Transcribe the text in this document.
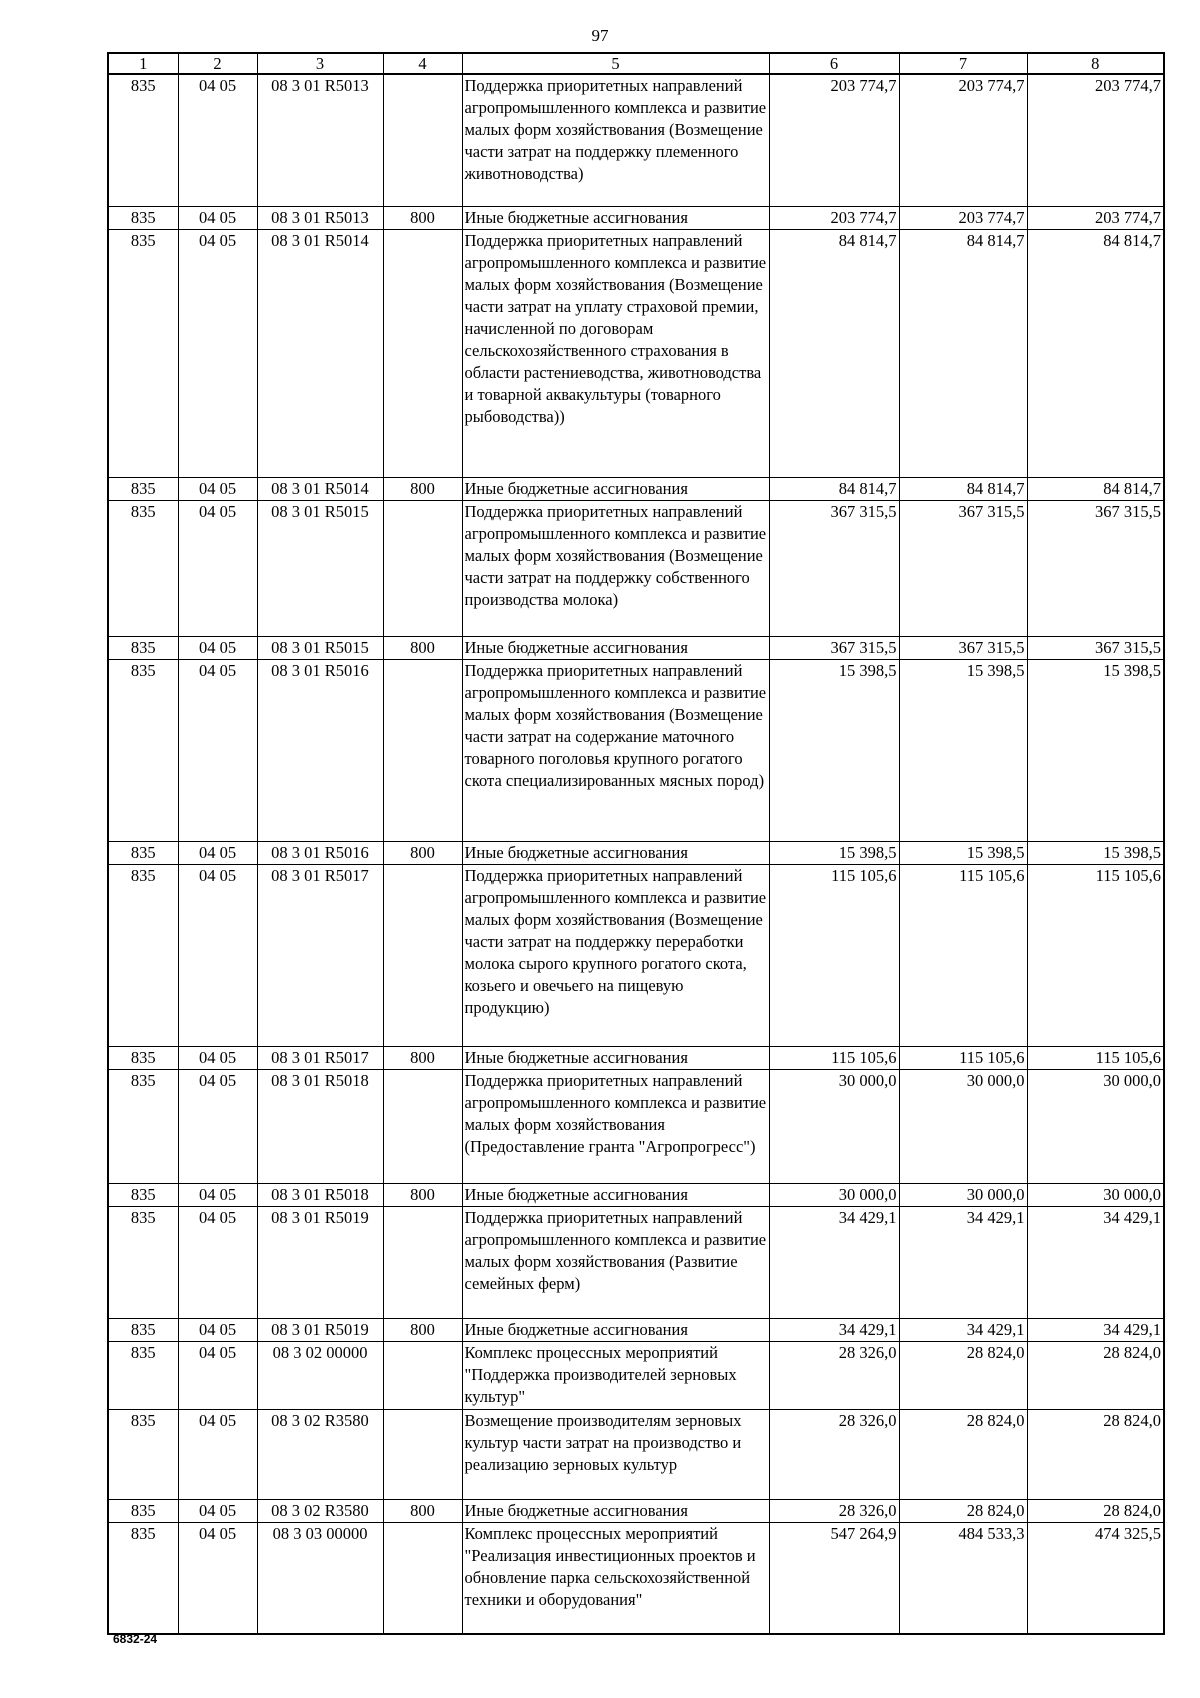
97
1	2	3	4	5	6	7	8
835	04 05	08 3 01 R5013		Поддержка приоритетных направлений агропромышленного комплекса и развитие малых форм хозяйствования (Возмещение части затрат на поддержку племенного животноводства)	203 774,7	203 774,7	203 774,7
835	04 05	08 3 01 R5013	800	Иные бюджетные ассигнования	203 774,7	203 774,7	203 774,7
835	04 05	08 3 01 R5014		Поддержка приоритетных направлений агропромышленного комплекса и развитие малых форм хозяйствования (Возмещение части затрат на уплату страховой премии, начисленной по договорам сельскохозяйственного страхования в области растениеводства, животноводства и товарной аквакультуры (товарного рыбоводства))	84 814,7	84 814,7	84 814,7
835	04 05	08 3 01 R5014	800	Иные бюджетные ассигнования	84 814,7	84 814,7	84 814,7
835	04 05	08 3 01 R5015		Поддержка приоритетных направлений агропромышленного комплекса и развитие малых форм хозяйствования (Возмещение части затрат на поддержку собственного производства молока)	367 315,5	367 315,5	367 315,5
835	04 05	08 3 01 R5015	800	Иные бюджетные ассигнования	367 315,5	367 315,5	367 315,5
835	04 05	08 3 01 R5016		Поддержка приоритетных направлений агропромышленного комплекса и развитие малых форм хозяйствования (Возмещение части затрат на содержание маточного товарного поголовья крупного рогатого скота специализированных мясных пород)	15 398,5	15 398,5	15 398,5
835	04 05	08 3 01 R5016	800	Иные бюджетные ассигнования	15 398,5	15 398,5	15 398,5
835	04 05	08 3 01 R5017		Поддержка приоритетных направлений агропромышленного комплекса и развитие малых форм хозяйствования (Возмещение части затрат на поддержку переработки молока сырого крупного рогатого скота, козьего и овечьего на пищевую продукцию)	115 105,6	115 105,6	115 105,6
835	04 05	08 3 01 R5017	800	Иные бюджетные ассигнования	115 105,6	115 105,6	115 105,6
835	04 05	08 3 01 R5018		Поддержка приоритетных направлений агропромышленного комплекса и развитие малых форм хозяйствования (Предоставление гранта "Агропрогресс")	30 000,0	30 000,0	30 000,0
835	04 05	08 3 01 R5018	800	Иные бюджетные ассигнования	30 000,0	30 000,0	30 000,0
835	04 05	08 3 01 R5019		Поддержка приоритетных направлений агропромышленного комплекса и развитие малых форм хозяйствования (Развитие семейных ферм)	34 429,1	34 429,1	34 429,1
835	04 05	08 3 01 R5019	800	Иные бюджетные ассигнования	34 429,1	34 429,1	34 429,1
835	04 05	08 3 02 00000		Комплекс процессных мероприятий "Поддержка производителей зерновых культур"	28 326,0	28 824,0	28 824,0
835	04 05	08 3 02 R3580		Возмещение производителям зерновых культур части затрат на производство и реализацию зерновых культур	28 326,0	28 824,0	28 824,0
835	04 05	08 3 02 R3580	800	Иные бюджетные ассигнования	28 326,0	28 824,0	28 824,0
835	04 05	08 3 03 00000		Комплекс процессных мероприятий "Реализация инвестиционных проектов и обновление парка сельскохозяйственной техники и оборудования"	547 264,9	484 533,3	474 325,5
6832-24
